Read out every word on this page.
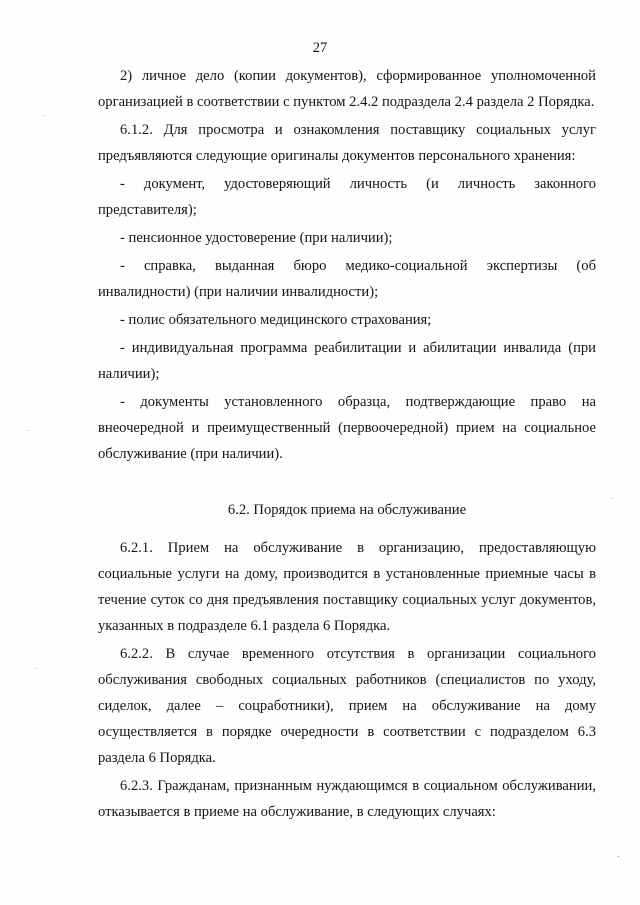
27

2) личное дело (копии документов), сформированное уполномоченной организацией в соответствии с пунктом 2.4.2 подраздела 2.4 раздела 2 Порядка.

6.1.2. Для просмотра и ознакомления поставщику социальных услуг предъявляются следующие оригиналы документов персонального хранения:

- документ, удостоверяющий личность (и личность законного представителя);

- пенсионное удостоверение (при наличии);

- справка, выданная бюро медико-социальной экспертизы (об инвалидности) (при наличии инвалидности);

- полис обязательного медицинского страхования;

- индивидуальная программа реабилитации и абилитации инвалида (при наличии);

- документы установленного образца, подтверждающие право на внеочередной и преимущественный (первоочередной) прием на социальное обслуживание (при наличии).

6.2. Порядок приема на обслуживание

6.2.1. Прием на обслуживание в организацию, предоставляющую социальные услуги на дому, производится в установленные приемные часы в течение суток со дня предъявления поставщику социальных услуг документов, указанных в подразделе 6.1 раздела 6 Порядка.

6.2.2. В случае временного отсутствия в организации социального обслуживания свободных социальных работников (специалистов по уходу, сиделок, далее – соцработники), прием на обслуживание на дому осуществляется в порядке очередности в соответствии с подразделом 6.3 раздела 6 Порядка.

6.2.3. Гражданам, признанным нуждающимся в социальном обслуживании, отказывается в приеме на обслуживание, в следующих случаях:
